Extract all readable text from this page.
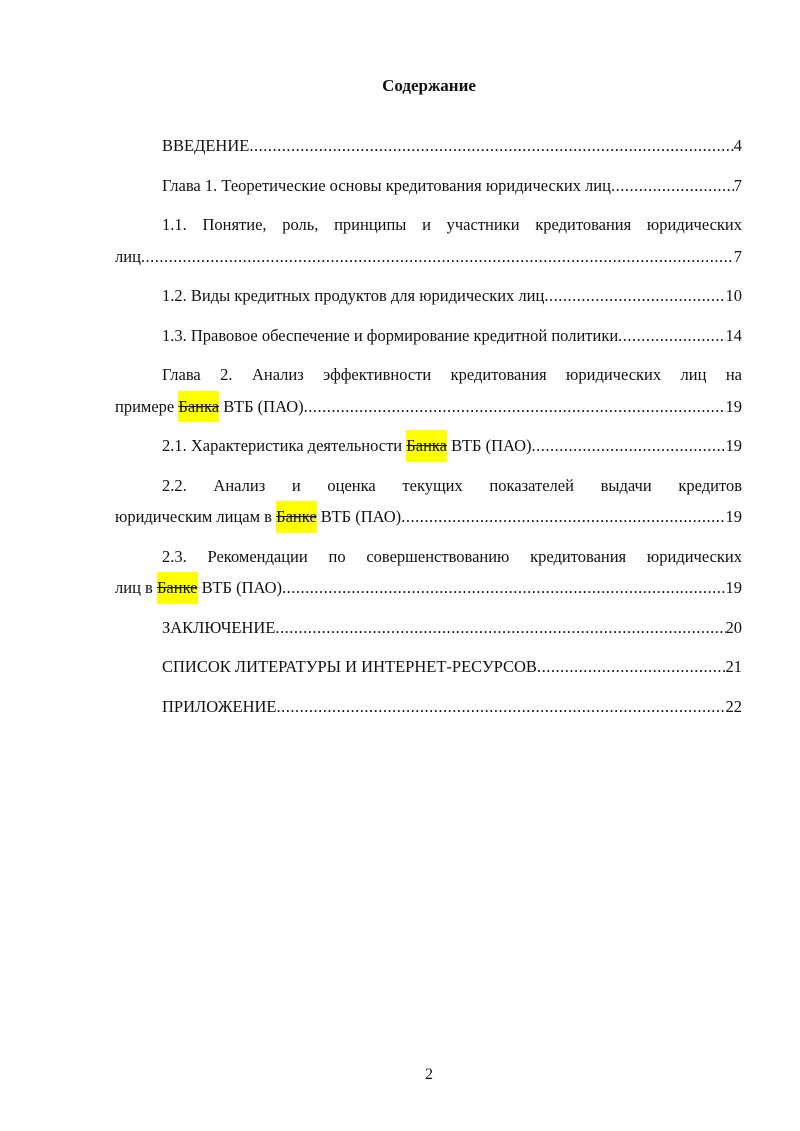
Содержание
ВВЕДЕНИЕ .....	4
Глава 1. Теоретические основы кредитования юридических лиц .....	7
1.1. Понятие, роль, принципы и участники кредитования юридических
лиц .....	7
1.2. Виды кредитных продуктов для юридических лиц .....	10
1.3. Правовое обеспечение и формирование кредитной политики .....	14
Глава 2. Анализ эффективности кредитования юридических лиц на
примере Банка ВТБ (ПАО) .....	19
2.1. Характеристика деятельности Банка ВТБ (ПАО) .....	19
2.2. Анализ и оценка текущих показателей выдачи кредитов
юридическим лицам в Банке ВТБ (ПАО) .....	19
2.3. Рекомендации по совершенствованию кредитования юридических
лиц в Банке ВТБ (ПАО) .....	19
ЗАКЛЮЧЕНИЕ .....	20
СПИСОК ЛИТЕРАТУРЫ И ИНТЕРНЕТ-РЕСУРСОВ .....	21
ПРИЛОЖЕНИЕ .....	22
2
